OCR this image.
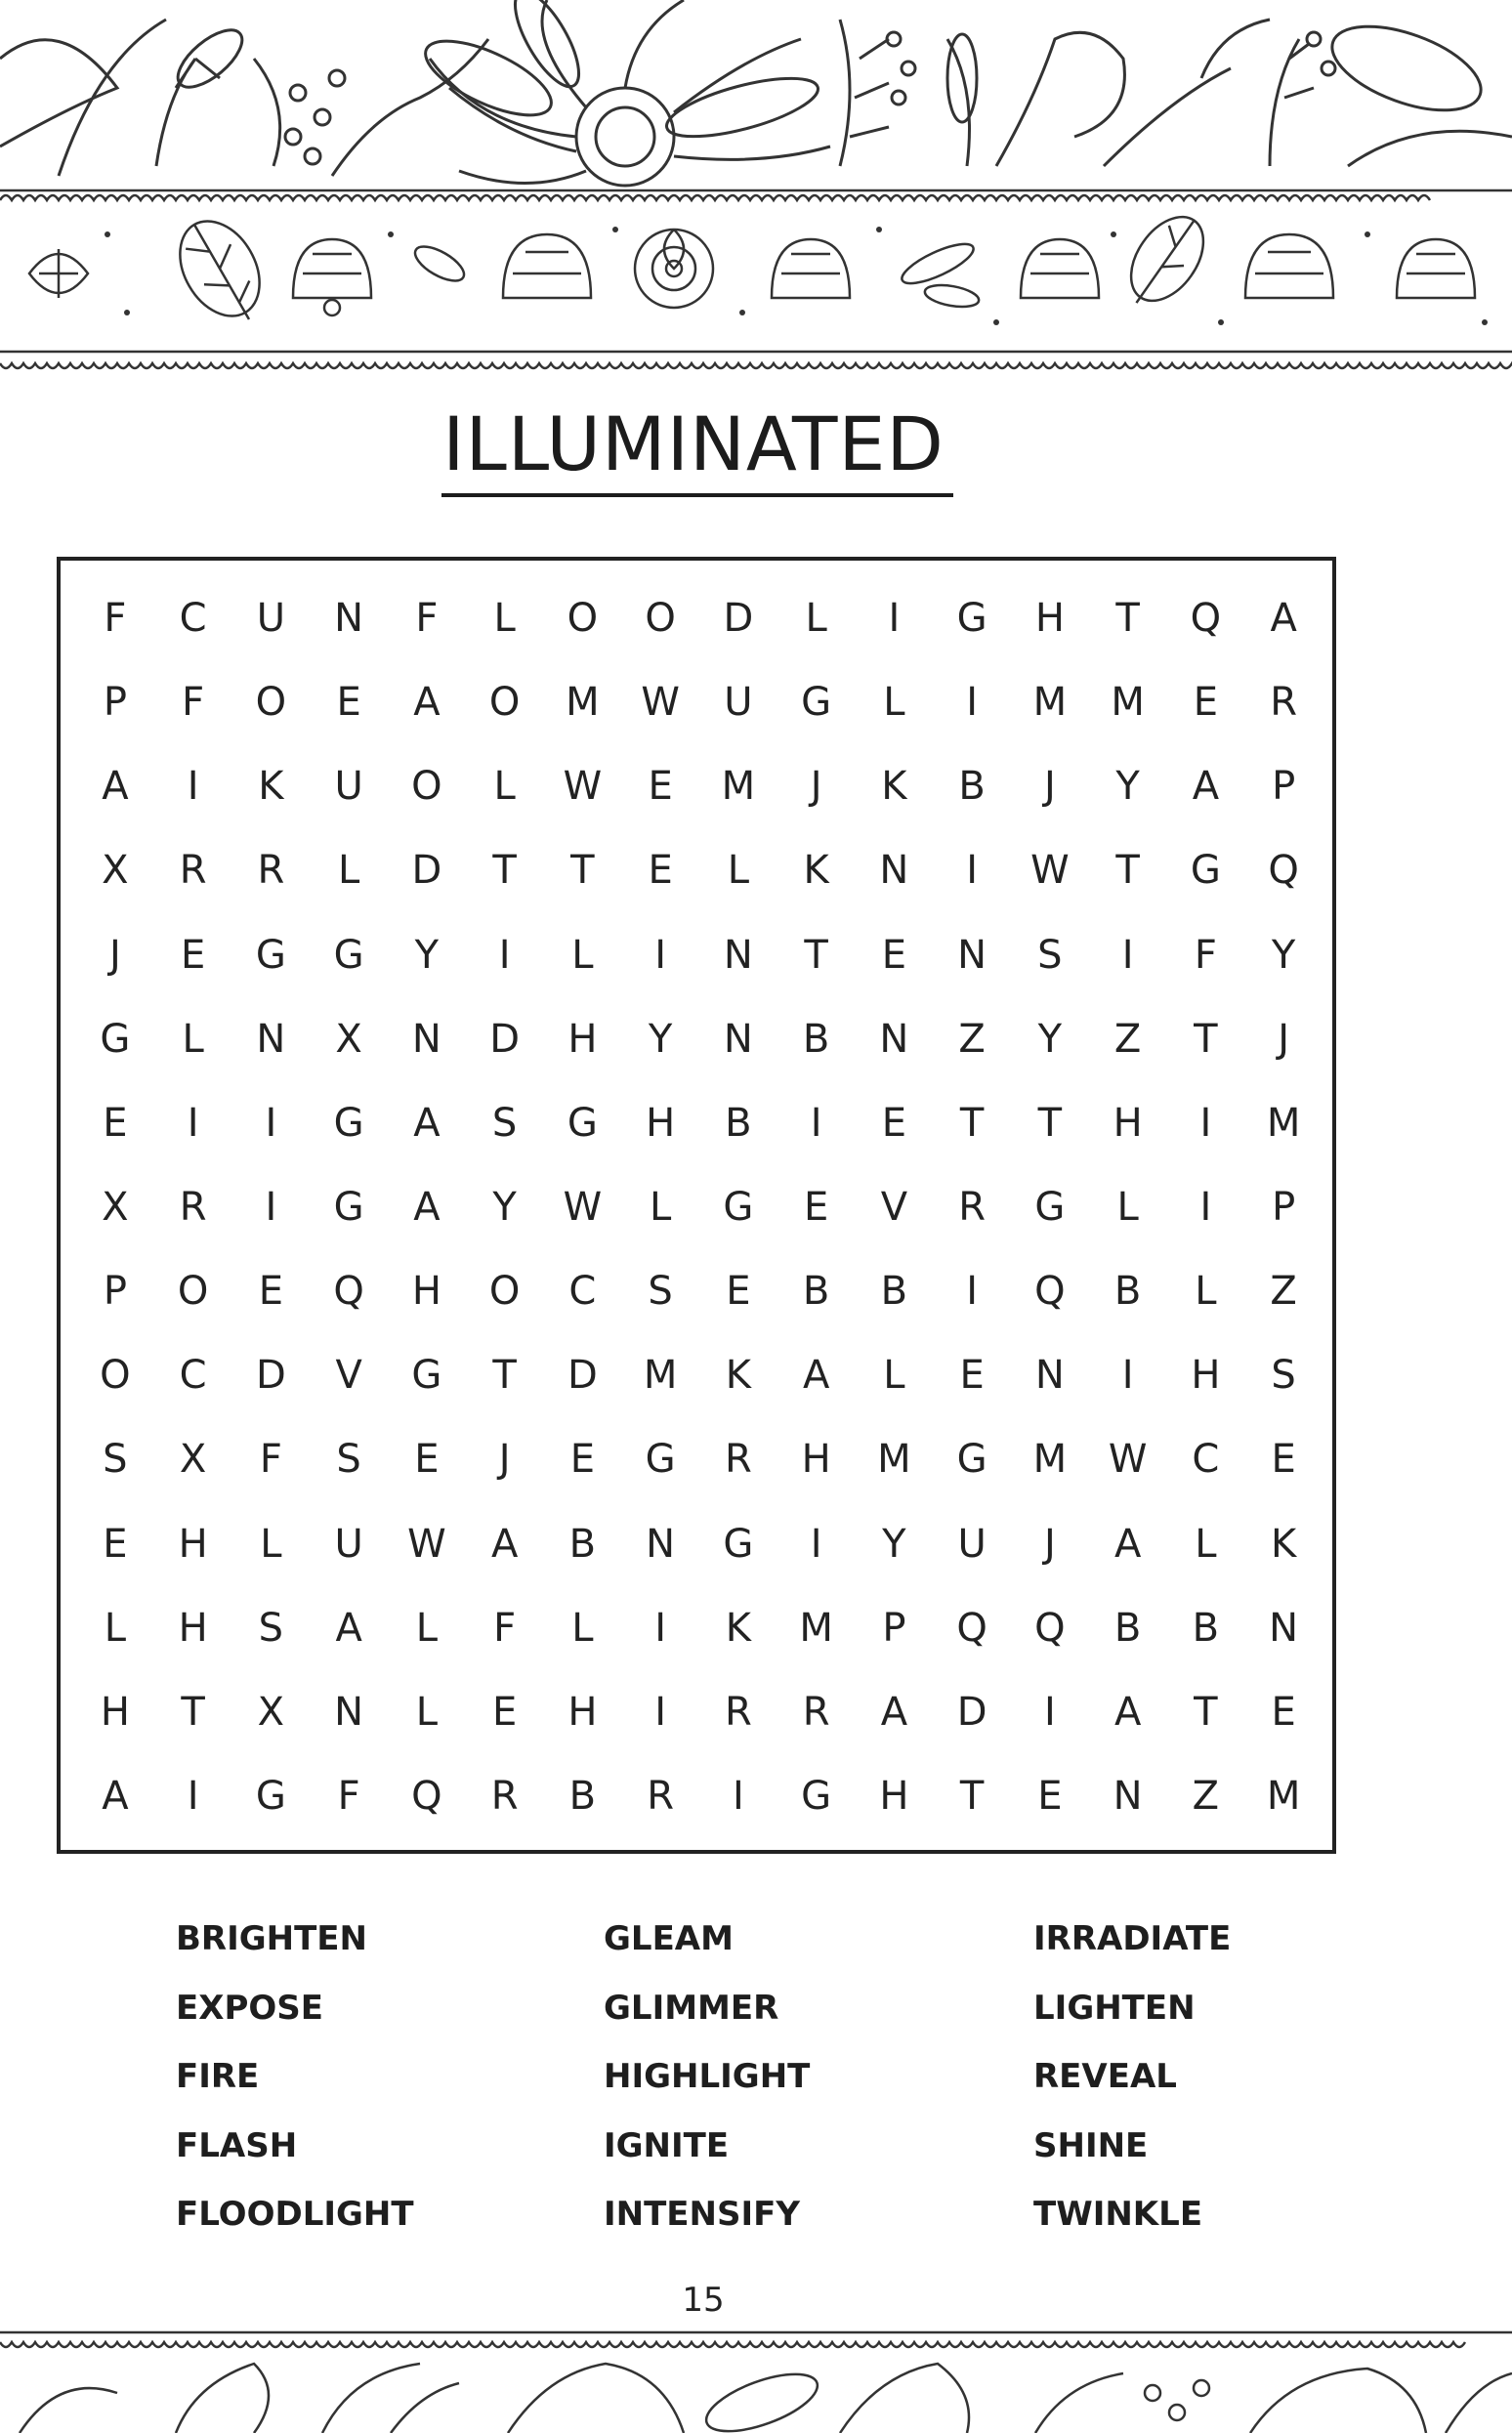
ILLUMINATED
F	C	U	N	F	L	O	O	D	L	I	G	H	T	Q	A
P	F	O	E	A	O	M	W	U	G	L	I	M	M	E	R
A	I	K	U	O	L	W	E	M	J	K	B	J	Y	A	P
X	R	R	L	D	T	T	E	L	K	N	I	W	T	G	Q
J	E	G	G	Y	I	L	I	N	T	E	N	S	I	F	Y
G	L	N	X	N	D	H	Y	N	B	N	Z	Y	Z	T	J
E	I	I	G	A	S	G	H	B	I	E	T	T	H	I	M
X	R	I	G	A	Y	W	L	G	E	V	R	G	L	I	P
P	O	E	Q	H	O	C	S	E	B	B	I	Q	B	L	Z
O	C	D	V	G	T	D	M	K	A	L	E	N	I	H	S
S	X	F	S	E	J	E	G	R	H	M	G	M	W	C	E
E	H	L	U	W	A	B	N	G	I	Y	U	J	A	L	K
L	H	S	A	L	F	L	I	K	M	P	Q	Q	B	B	N
H	T	X	N	L	E	H	I	R	R	A	D	I	A	T	E
A	I	G	F	Q	R	B	R	I	G	H	T	E	N	Z	M
BRIGHTEN	GLEAM	IRRADIATE
EXPOSE	GLIMMER	LIGHTEN
FIRE	HIGHLIGHT	REVEAL
FLASH	IGNITE	SHINE
FLOODLIGHT	INTENSIFY	TWINKLE
15
